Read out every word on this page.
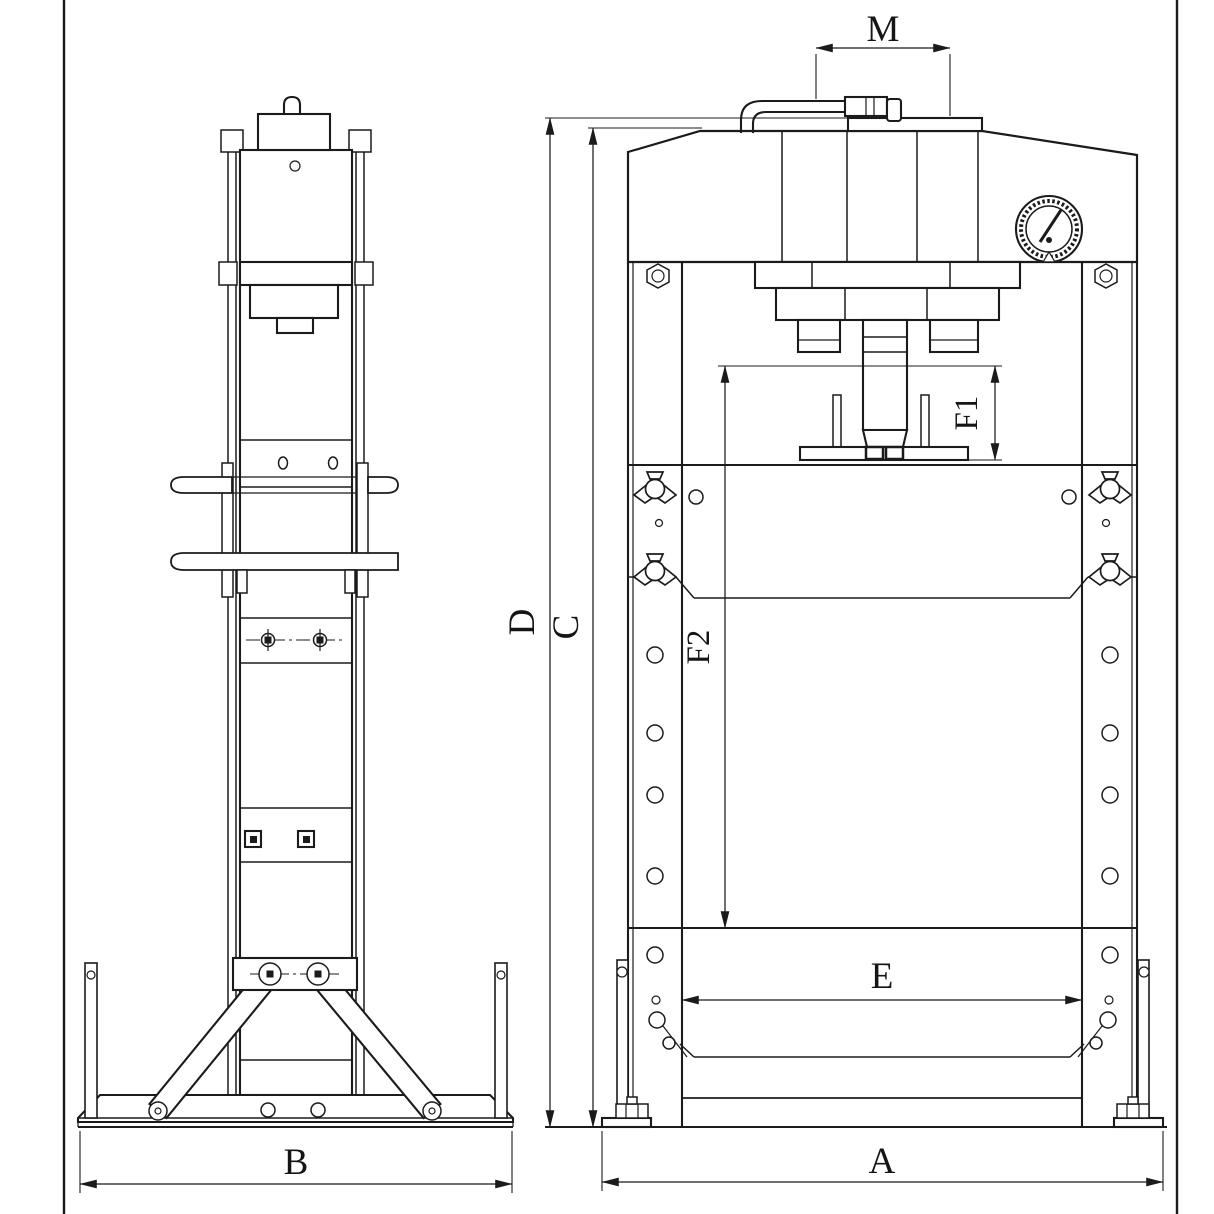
M
D C
F1
F2
E
A
B
